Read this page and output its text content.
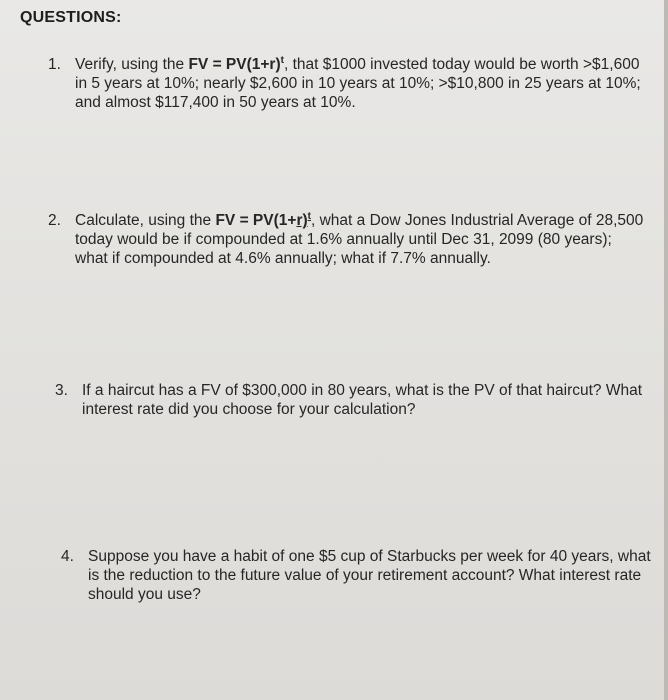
QUESTIONS:
1. Verify, using the FV = $PV(1+r)^t$, that $1000 invested today would be worth >$1,600 in 5 years at 10%; nearly $2,600 in 10 years at 10%; >$10,800 in 25 years at 10%; and almost $117,400 in 50 years at 10%.
2. Calculate, using the FV = $PV(1+r)^t$, what a Dow Jones Industrial Average of 28,500 today would be if compounded at 1.6% annually until Dec 31, 2099 (80 years); what if compounded at 4.6% annually; what if 7.7% annually.
3. If a haircut has a FV of $300,000 in 80 years, what is the PV of that haircut? What interest rate did you choose for your calculation?
4. Suppose you have a habit of one $5 cup of Starbucks per week for 40 years, what is the reduction to the future value of your retirement account? What interest rate should you use?
